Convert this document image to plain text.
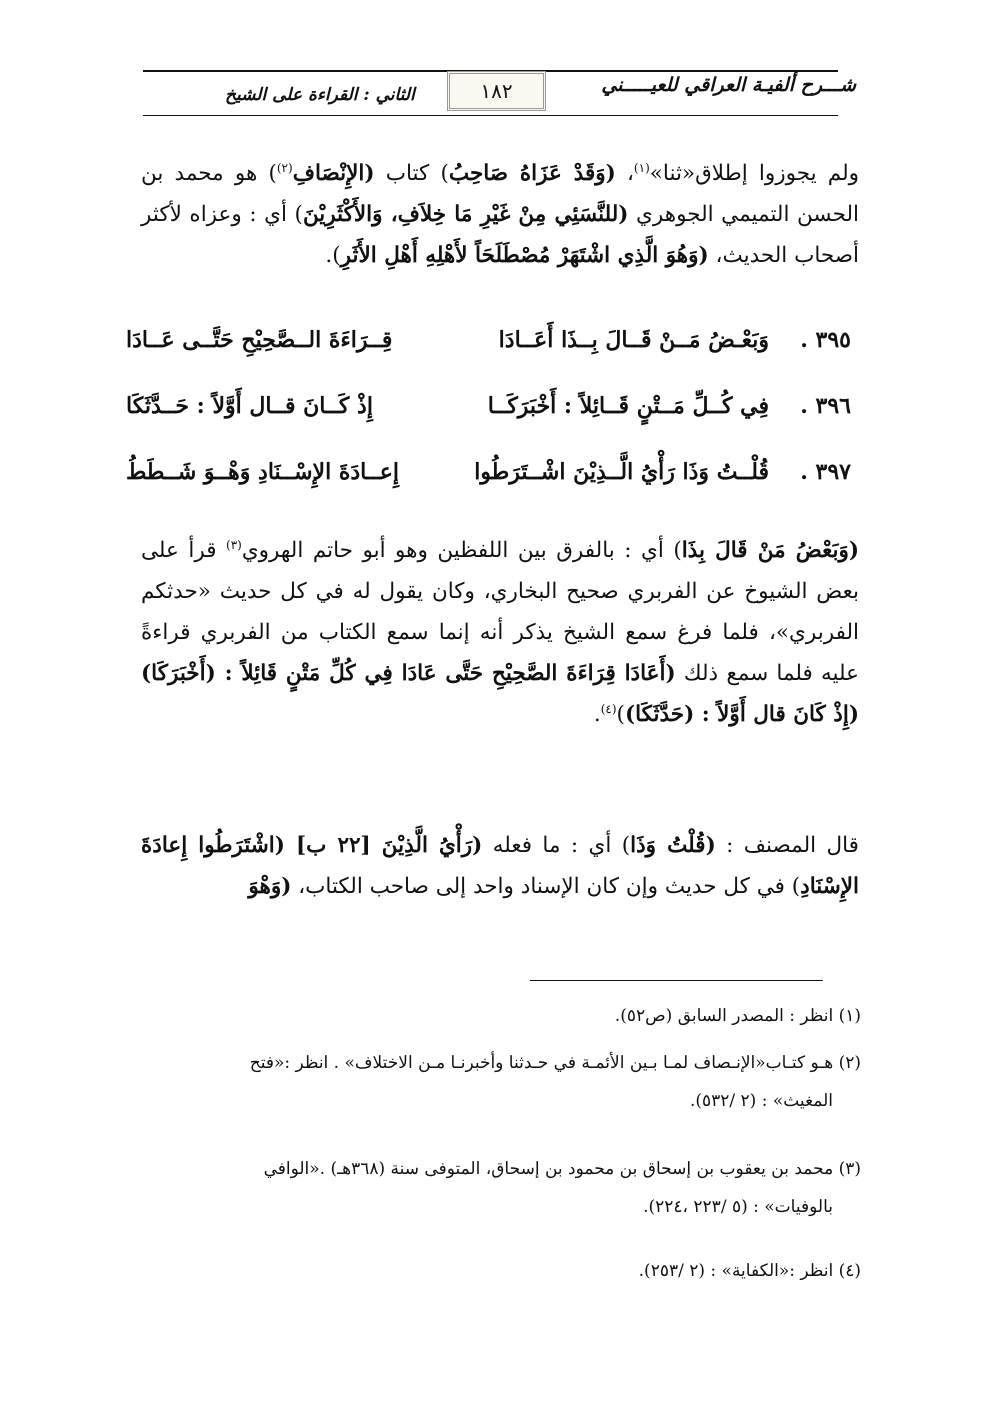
شـــرح ألفيـة العراقي للعيـــــني
١٨٢
الثاني : القراءة على الشيخ
ولم يجوزوا إطلاق«ثنا»$^{(١)}$، (وَقَدْ عَزَاهُ صَاحِبُ) كتاب (الإِنْصَافِ$^{(٢)}$) هو محمد بن الحسن التميمي الجوهري (للنَّسَئِي مِنْ غَيْرِ مَا خِلاَفِ، وَالأَكْثَرِيْنَ) أي : وعزاه لأكثر أصحاب الحديث، (وَهُوَ الَّذِي اشْتَهَرْ مُصْطَلَحَاً لأَهْلِهِ أَهْلِ الأَثَرِ).
٣٩٥ .
وَبَعْـضُ مَــنْ قَــالَ بِــذَا أَعَــادَا
قِــرَاءَةَ الــصَّحِيْحِ حَتَّــى عَــادَا
٣٩٦ .
فِي كُــلِّ مَــتْنٍ قَــائِلاً : أَخْبَرَكَــا
إِذْ كَــانَ قــال أَوَّلاً : حَــدَّثَكَا
٣٩٧ .
قُلْــتُ وَذَا رَأْيُ الَّــذِيْنَ اشْــتَرَطُوا
إِعــادَةَ الإِسْــنَادِ وَهْــوَ شَــطَطُ
(وَبَعْضُ مَنْ قَالَ بِذَا) أي : بالفرق بين اللفظين وهو أبو حاتم الهروي$^{(٣)}$ قرأ على بعض الشيوخ عن الفربري صحيح البخاري، وكان يقول له في كل حديث «حدثكم الفربري»، فلما فرغ سمع الشيخ يذكر أنه إنما سمع الكتاب من الفربري قراءةً عليه فلما سمع ذلك (أَعَادَا قِرَاءَةَ الصَّحِيْحِ حَتَّى عَادَا فِي كُلِّ مَتْنٍ قَائِلاً : (أَخْبَرَكَا) (إِذْ كَانَ قال أَوَّلاً : (حَدَّثَكَا))$^{(٤)}$.
قال المصنف : (قُلْتُ وَذَا) أي : ما فعله (رَأْيُ الَّذِيْنَ [٢٢ ب] (اشْتَرَطُوا إِعادَةَ الإِسْنَادِ) في كل حديث وإن كان الإسناد واحد إلى صاحب الكتاب، (وَهْوَ
(١) انظر : المصدر السابق (ص٥٢).
(٢) هـو كتـاب«الإنـصاف لمـا بـين الأئمـة في حـدثنا وأخبرنـا مـن الاختلاف» . انظر :«فتح
المغيث» : (٢ /٥٣٢).
(٣) محمد بن يعقوب بن إسحاق بن محمود بن إسحاق، المتوفى سنة (٣٦٨هـ) .«الوافي
بالوفيات» : (٥ /٢٢٣ ،٢٢٤).
(٤) انظر :«الكفاية» : (٢ /٢٥٣).
